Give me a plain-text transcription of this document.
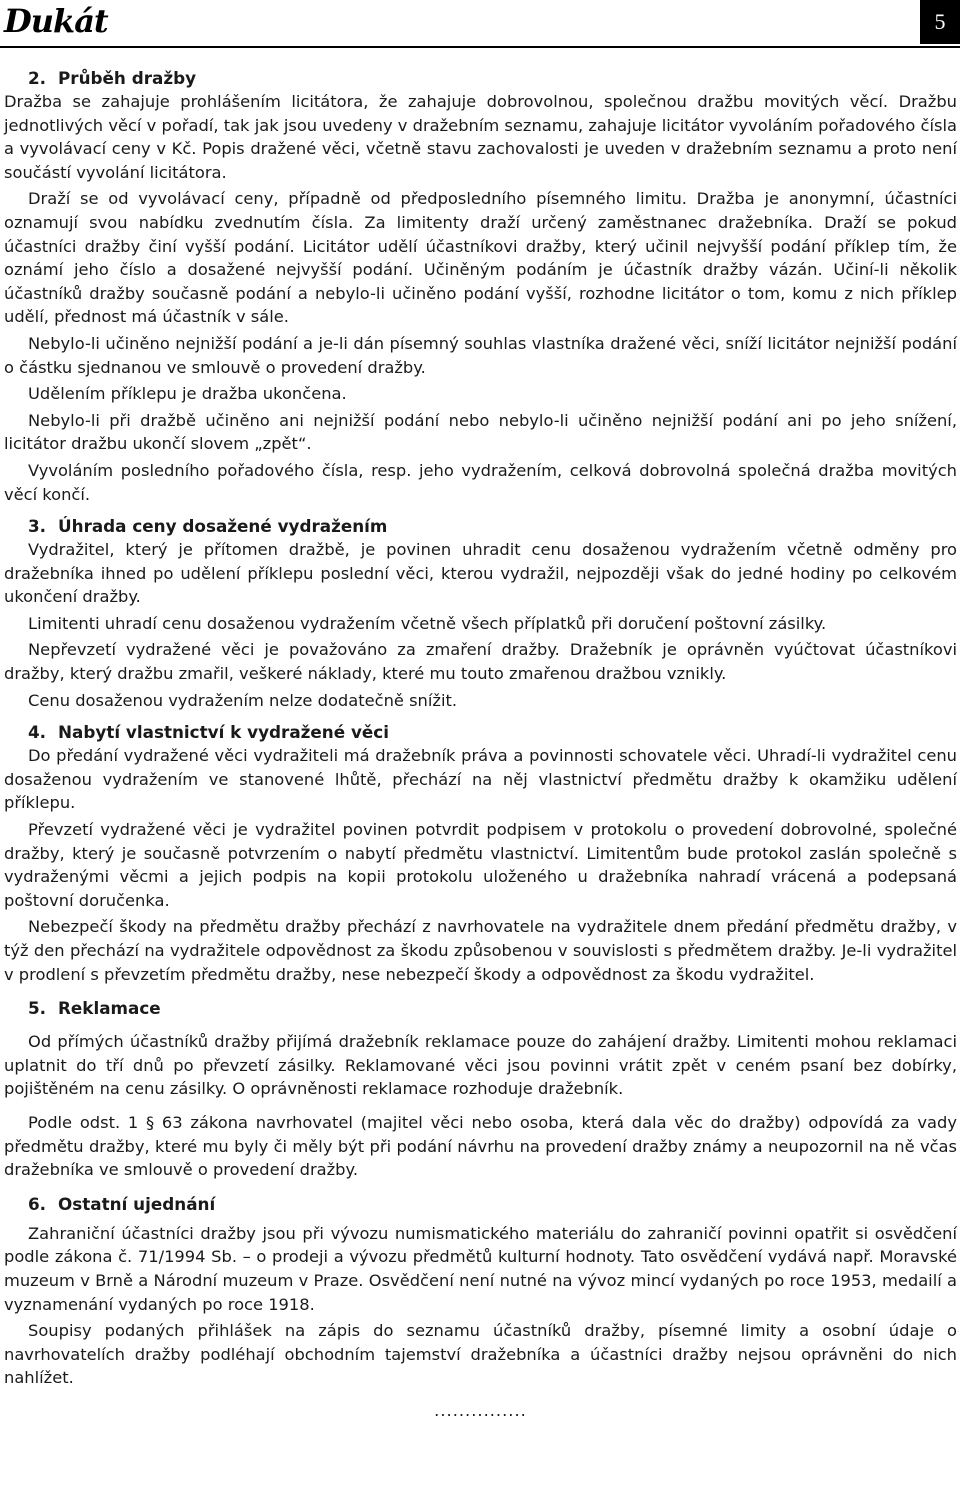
Dukát	5
2. Průběh dražby

Dražba se zahajuje prohlášením licitátora, že zahajuje dobrovolnou, společnou dražbu movitých věcí. Dražbu jednotlivých věcí v pořadí, tak jak jsou uvedeny v dražebním seznamu, zahajuje licitátor vyvoláním pořadového čísla a vyvolávací ceny v Kč. Popis dražené věci, včetně stavu zachovalosti je uveden v dražebním seznamu a proto není součástí vyvolání licitátora.

Draží se od vyvolávací ceny, případně od předposledního písemného limitu. Dražba je anonymní, účastníci oznamují svou nabídku zvednutím čísla. Za limitenty draží určený zaměstnanec dražebníka. Draží se pokud účastníci dražby činí vyšší podání. Licitátor udělí účastníkovi dražby, který učinil nejvyšší podání příklep tím, že oznámí jeho číslo a dosažené nejvyšší podání. Učiněným podáním je účastník dražby vázán. Učiní-li několik účastníků dražby současně podání a nebylo-li učiněno podání vyšší, rozhodne licitátor o tom, komu z nich příklep udělí, přednost má účastník v sále.

Nebylo-li učiněno nejnižší podání a je-li dán písemný souhlas vlastníka dražené věci, sníží licitátor nejnižší podání o částku sjednanou ve smlouvě o provedení dražby.

Udělením příklepu je dražba ukončena.

Nebylo-li při dražbě učiněno ani nejnižší podání nebo nebylo-li učiněno nejnižší podání ani po jeho snížení, licitátor dražbu ukončí slovem „zpět“.

Vyvoláním posledního pořadového čísla, resp. jeho vydražením, celková dobrovolná společná dražba movitých věcí končí.

3. Úhrada ceny dosažené vydražením

Vydražitel, který je přítomen dražbě, je povinen uhradit cenu dosaženou vydražením včetně odměny pro dražebníka ihned po udělení příklepu poslední věci, kterou vydražil, nejpozději však do jedné hodiny po celkovém ukončení dražby.

Limitenti uhradí cenu dosaženou vydražením včetně všech příplatků při doručení poštovní zásilky.

Nepřevzetí vydražené věci je považováno za zmaření dražby. Dražebník je oprávněn vyúčtovat účastníkovi dražby, který dražbu zmařil, veškeré náklady, které mu touto zmařenou dražbou vznikly.

Cenu dosaženou vydražením nelze dodatečně snížit.

4. Nabytí vlastnictví k vydražené věci

Do předání vydražené věci vydražiteli má dražebník práva a povinnosti schovatele věci. Uhradí-li vydražitel cenu dosaženou vydražením ve stanovené lhůtě, přechází na něj vlastnictví předmětu dražby k okamžiku udělení příklepu.

Převzetí vydražené věci je vydražitel povinen potvrdit podpisem v protokolu o provedení dobrovolné, společné dražby, který je současně potvrzením o nabytí předmětu vlastnictví. Limitentům bude protokol zaslán společně s vydraženými věcmi a jejich podpis na kopii protokolu uloženého u dražebníka nahradí vrácená a podepsaná poštovní doručenka.

Nebezpečí škody na předmětu dražby přechází z navrhovatele na vydražitele dnem předání předmětu dražby, v týž den přechází na vydražitele odpovědnost za škodu způsobenou v souvislosti s předmětem dražby. Je-li vydražitel v prodlení s převzetím předmětu dražby, nese nebezpečí škody a odpovědnost za škodu vydražitel.

5. Reklamace

Od přímých účastníků dražby přijímá dražebník reklamace pouze do zahájení dražby. Limitenti mohou reklamaci uplatnit do tří dnů po převzetí zásilky. Reklamované věci jsou povinni vrátit zpět v ceném psaní bez dobírky, pojištěném na cenu zásilky. O oprávněnosti reklamace rozhoduje dražebník.

Podle odst. 1 § 63 zákona navrhovatel (majitel věci nebo osoba, která dala věc do dražby) odpovídá za vady předmětu dražby, které mu byly či měly být při podání návrhu na provedení dražby známy a neupozornil na ně včas dražebníka ve smlouvě o provedení dražby.

6. Ostatní ujednání

Zahraniční účastníci dražby jsou při vývozu numismatického materiálu do zahraničí povinni opatřit si osvědčení podle zákona č. 71/1994 Sb. – o prodeji a vývozu předmětů kulturní hodnoty. Tato osvědčení vydává např. Moravské muzeum v Brně a Národní muzeum v Praze. Osvědčení není nutné na vývoz mincí vydaných po roce 1953, medailí a vyznamenání vydaných po roce 1918.

Soupisy podaných přihlášek na zápis do seznamu účastníků dražby, písemné limity a osobní údaje o navrhovatelích dražby podléhají obchodním tajemství dražebníka a účastníci dražby nejsou oprávněni do nich nahlížet.

...............
